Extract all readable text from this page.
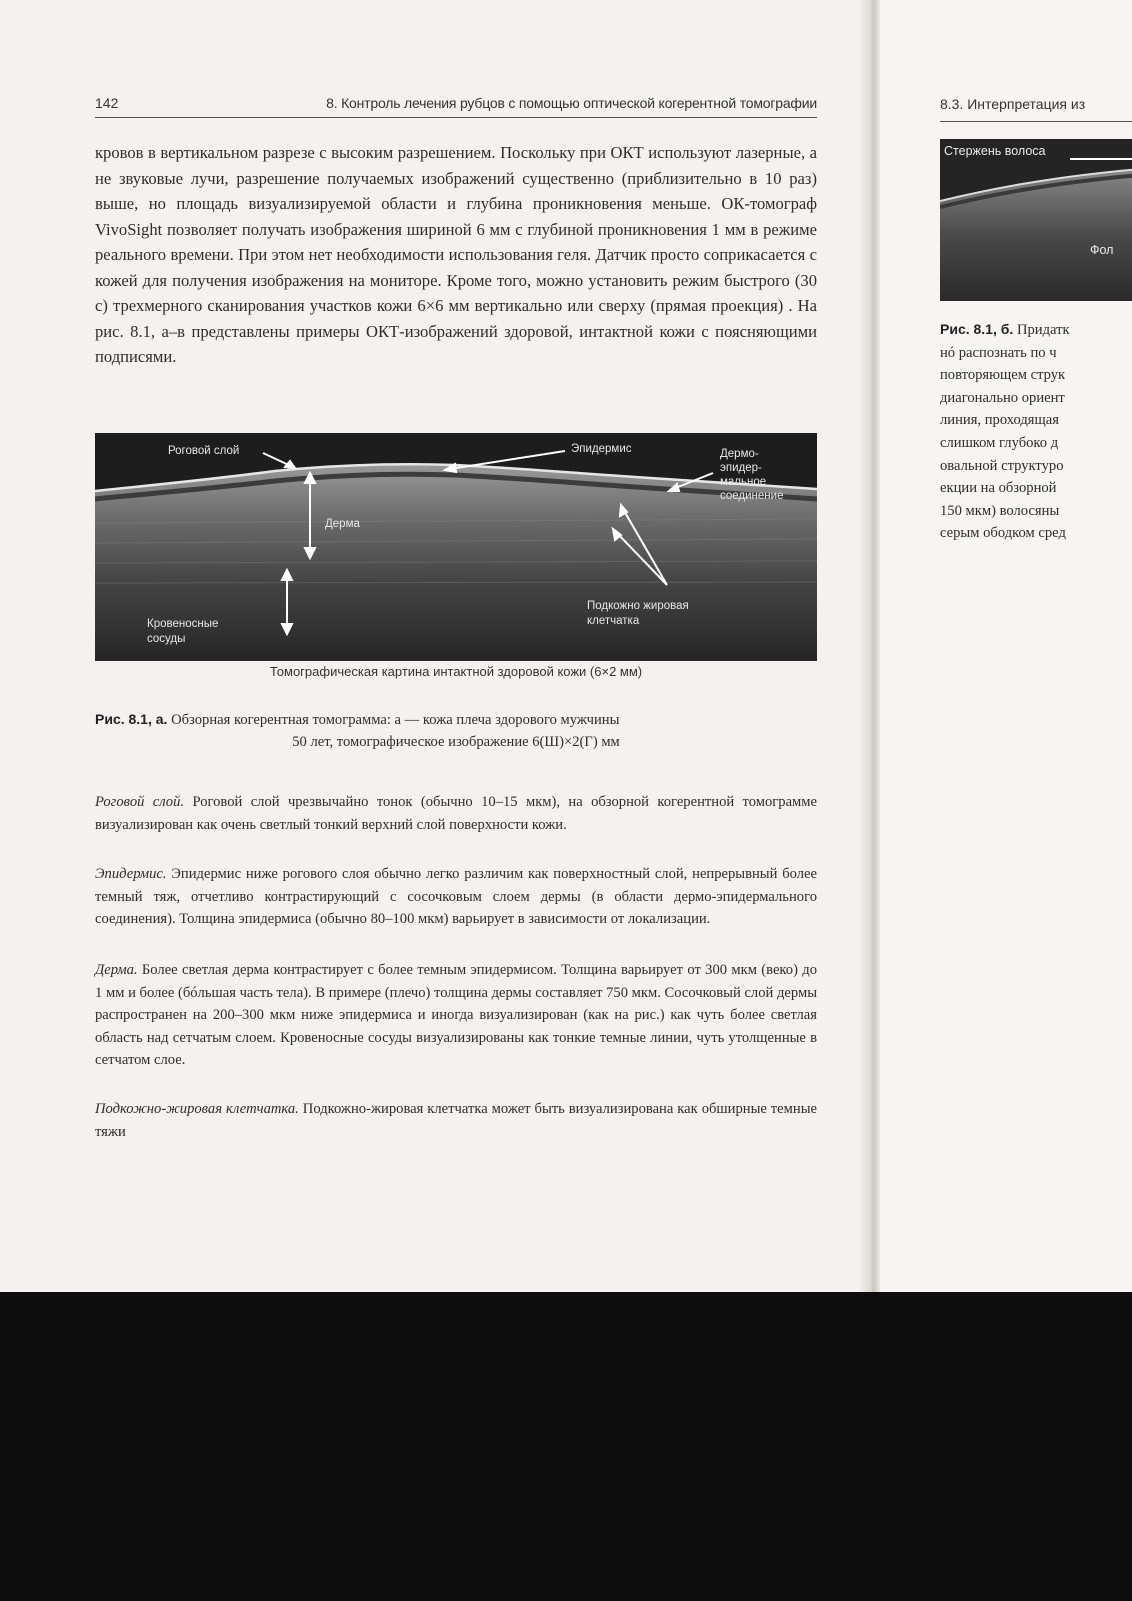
142	8. Контроль лечения рубцов с помощью оптической когерентной томографии

кровов в вертикальном разрезе с высоким разрешением. Поскольку при ОКТ используют лазерные, а не звуковые лучи, разрешение получаемых изображений существенно (приблизительно в 10 раз) выше, но площадь визуализируемой области и глубина проникновения меньше. ОК-томограф VivoSight позволяет получать изображения шириной 6 мм с глубиной проникновения 1 мм в режиме реального времени. При этом нет необходимости использования геля. Датчик просто соприкасается с кожей для получения изображения на мониторе. Кроме того, можно установить режим быстрого (30 с) трехмерного сканирования участков кожи 6×6 мм вертикально или сверху (прямая проекция) . На рис. 8.1, а–в представлены примеры ОКТ-изображений здоровой, интактной кожи с поясняющими подписями.

Роговой слой	Эпидермис	Дермо-
эпидер-
мальное
соединение
Дерма
Кровеносные
сосуды
Подкожно жировая
клетчатка
Томографическая картина интактной здоровой кожи (6×2 мм)
Рис. 8.1, а. Обзорная когерентная томограмма: а — кожа плеча здорового мужчины
50 лет, томографическое изображение 6(Ш)×2(Г) мм

Роговой слой. Роговой слой чрезвычайно тонок (обычно 10–15 мкм), на обзорной когерентной томограмме визуализирован как очень светлый тонкий верхний слой поверхности кожи.

Эпидермис. Эпидермис ниже рогового слоя обычно легко различим как поверхностный слой, непрерывный более темный тяж, отчетливо контрастирующий с сосочковым слоем дермы (в области дермо-эпидермального соединения). Толщина эпидермиса (обычно 80–100 мкм) варьирует в зависимости от локализации.

Дерма. Более светлая дерма контрастирует с более темным эпидермисом. Толщина варьирует от 300 мкм (веко) до 1 мм и более (бóльшая часть тела). В примере (плечо) толщина дермы составляет 750 мкм. Сосочковый слой дермы распространен на 200–300 мкм ниже эпидермиса и иногда визуализирован (как на рис.) как чуть более светлая область над сетчатым слоем. Кровеносные сосуды визуализированы как тонкие темные линии, чуть утолщенные в сетчатом слое.

Подкожно-жировая клетчатка. Подкожно-жировая клетчатка может быть визуализирована как обширные темные тяжи

8.3. Интерпретация из
Стержень волоса
Фол
Рис. 8.1, б. Придатк
нó распознать по ч
повторяющем струк
диагонально ориент
линия, проходящая
слишком глубоко д
овальной структуро
екции на обзорной
150 мкм) волосяны
серым ободком сред
